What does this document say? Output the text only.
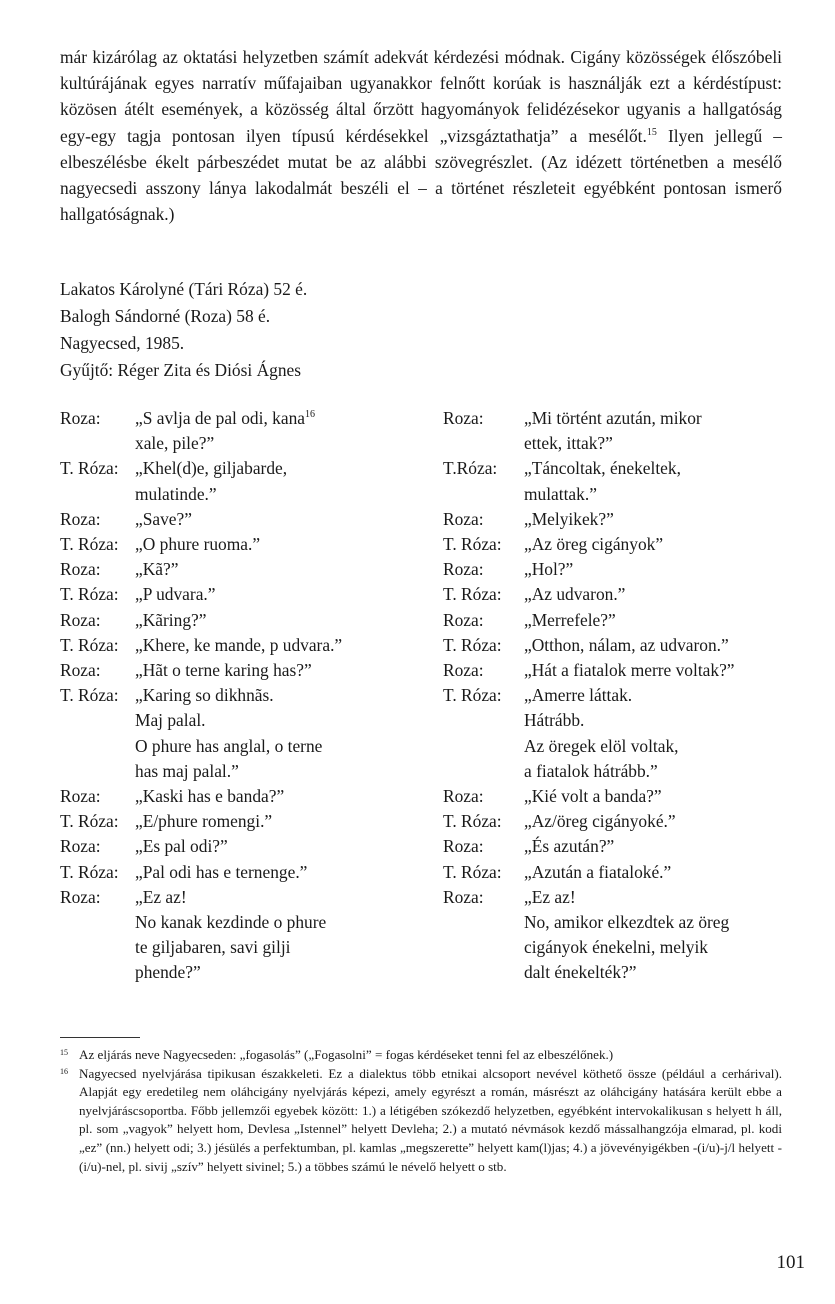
már kizárólag az oktatási helyzetben számít adekvát kérdezési módnak. Cigány közösségek élőszóbeli kultúrájának egyes narratív műfajaiban ugyanakkor felnőtt korúak is használják ezt a kérdéstípust: közösen átélt események, a közösség által őrzött hagyományok felidézésekor ugyanis a hallgatóság egy-egy tagja pontosan ilyen típusú kérdésekkel „vizsgáztathatja” a mesélőt.$^{15}$ Ilyen jellegű – elbeszélésbe ékelt párbeszédet mutat be az alábbi szövegrészlet. (Az idézett történetben a mesélő nagyecsedi asszony lánya lakodalmát beszéli el – a történet részleteit egyébként pontosan ismerő hallgatóságnak.)

Lakatos Károlyné (Tári Róza) 52 é.
Balogh Sándorné (Roza) 58 é.
Nagyecsed, 1985.
Gyűjtő: Réger Zita és Diósi Ágnes
Roza:	„S avlja de pal odi, kana$^{16}$
xale, pile?”
T. Róza: „Khel(d)e, giljabarde,
mulatinde.”
Roza:	„Save?”
T. Róza: „O phure ruoma.”
Roza:	„Kã?”
T. Róza: „P udvara.”
Roza:	„Kãring?”
T. Róza: „Khere, ke mande, p udvara.”
Roza:	„Hãt o terne karing has?”
T. Róza: „Karing so dikhnãs.
Maj palal.
O phure has anglal, o terne
has maj palal.”
Roza:	„Kaski has e banda?”
T. Róza: „E/phure romengi.”
Roza:	„Es pal odi?”
T. Róza: „Pal odi has e ternenge.”
Roza:	„Ez az!
No kanak kezdinde o phure
te giljabaren, savi gilji
phende?”
Roza:	„Mi történt azután, mikor
ettek, ittak?”
T.Róza:	„Táncoltak, énekeltek,
mulattak.”
Roza:	„Melyikek?”
T. Róza:	„Az öreg cigányok”
Roza:	„Hol?”
T. Róza:	„Az udvaron.”
Roza:	„Merrefele?”
T. Róza:	„Otthon, nálam, az udvaron.”
Roza:	„Hát a fiatalok merre voltak?”
T. Róza:	„Amerre láttak.
Hátrább.
Az öregek elöl voltak,
a fiatalok hátrább.”
Roza:	„Kié volt a banda?”
T. Róza:	„Az/öreg cigányoké.”
Roza:	„És azután?”
T. Róza:	„Azután a fiataloké.”
Roza:	„Ez az!
No, amikor elkezdtek az öreg
cigányok énekelni, melyik
dalt énekelték?”
15 Az eljárás neve Nagyecseden: „fogasolás” („Fogasolni” = fogas kérdéseket tenni fel az elbeszélőnek.)
16 Nagyecsed nyelvjárása tipikusan északkeleti. Ez a dialektus több etnikai alcsoport nevével köthető össze (például a cerhárival). Alapját egy eredetileg nem oláhcigány nyelvjárás képezi, amely egyrészt a román, másrészt az oláhcigány hatására került ebbe a nyelvjáráscsoportba. Főbb jellemzői egyebek között: 1.) a létigében szókezdő helyzetben, egyébként intervokalikusan s helyett h áll, pl. som „vagyok” helyett hom, Devlesa „Istennel” helyett Devleha; 2.) a mutató névmások kezdő mássalhangzója elmarad, pl. kodi „ez” (nn.) helyett odi; 3.) jésülés a perfektumban, pl. kamlas „megszerette” helyett kam(l)jas; 4.) a jövevényigékben -(i/u)-j/l helyett -(i/u)-nel, pl. sivij „szív” helyett sivinel; 5.) a többes számú le névelő helyett o stb.
101
